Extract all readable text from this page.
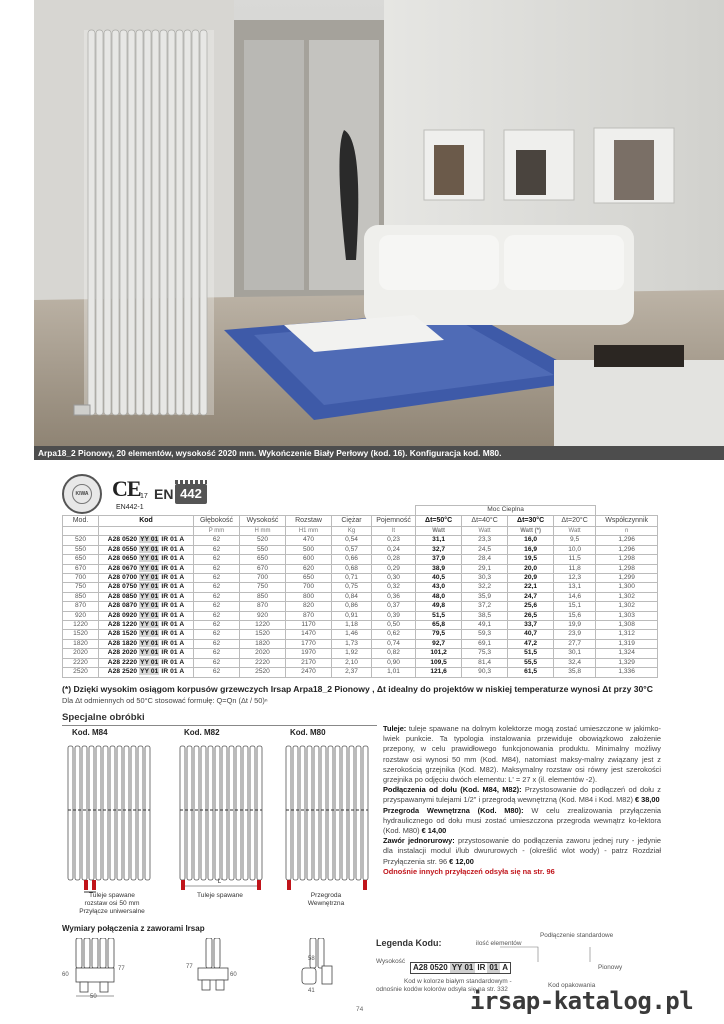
Arpa18_2 Pionowy, 20 elementów, wysokość 2020 mm. Wykończenie Biały Perłowy (kod. 16). Konfiguracja kod. M80.
KIWA CE 17
EN442-1
EN 442
							Moc Cieplna				
Mod.	Kod	Głębokość	Wysokość	Rozstaw	Ciężar	Pojemność	Δt=50°C	Δt=40°C	Δt=30°C	Δt=20°C	Współczynnik
		P mm	H mm	H1 mm	Kg	lt	Watt	Watt	Watt (*)	Watt	n
520	A28 0520 YY 01 IR 01 A	62	520	470	0,54	0,23	31,1	23,3	16,0	9,5	1,296
550	A28 0550 YY 01 IR 01 A	62	550	500	0,57	0,24	32,7	24,5	16,9	10,0	1,296
650	A28 0650 YY 01 IR 01 A	62	650	600	0,66	0,28	37,9	28,4	19,5	11,5	1,298
670	A28 0670 YY 01 IR 01 A	62	670	620	0,68	0,29	38,9	29,1	20,0	11,8	1,298
700	A28 0700 YY 01 IR 01 A	62	700	650	0,71	0,30	40,5	30,3	20,9	12,3	1,299
750	A28 0750 YY 01 IR 01 A	62	750	700	0,75	0,32	43,0	32,2	22,1	13,1	1,300
850	A28 0850 YY 01 IR 01 A	62	850	800	0,84	0,36	48,0	35,9	24,7	14,6	1,302
870	A28 0870 YY 01 IR 01 A	62	870	820	0,86	0,37	49,8	37,2	25,6	15,1	1,302
920	A28 0920 YY 01 IR 01 A	62	920	870	0,91	0,39	51,5	38,5	26,5	15,6	1,303
1220	A28 1220 YY 01 IR 01 A	62	1220	1170	1,18	0,50	65,8	49,1	33,7	19,9	1,308
1520	A28 1520 YY 01 IR 01 A	62	1520	1470	1,46	0,62	79,5	59,3	40,7	23,9	1,312
1820	A28 1820 YY 01 IR 01 A	62	1820	1770	1,73	0,74	92,7	69,1	47,2	27,7	1,319
2020	A28 2020 YY 01 IR 01 A	62	2020	1970	1,92	0,82	101,2	75,3	51,5	30,1	1,324
2220	A28 2220 YY 01 IR 01 A	62	2220	2170	2,10	0,90	109,5	81,4	55,5	32,4	1,329
2520	A28 2520 YY 01 IR 01 A	62	2520	2470	2,37	1,01	121,6	90,3	61,5	35,8	1,336
(*) Dzięki wysokim osiągom korpusów grzewczych Irsap Arpa18_2 Pionowy , Δt idealny do projektów w niskiej temperaturze wynosi Δt przy 30°C
Dla Δt odmiennych od 50°C stosować formułę: Q=Qn (Δt / 50)ⁿ
Specjalne obróbki
Kod. M84
Tuleje spawane
rozstaw osi 50 mm
Przyłącze uniwersalne
Kod. M82
L'
Tuleje spawane
Kod. M80
Przegroda
Wewnętrzna
Wymiary połączenia z zaworami Irsap
60
77
50
77
60
58
41

Tuleje: tuleje spawane na dolnym kolektorze mogą zostać umieszczone w jakimko-lwiek punkcie. Ta typologia instalowania przewiduje obowiązkowo założenie przepony, w celu prawidłowego funkcjonowania produktu. Minimalny możliwy rozstaw osi wynosi 50 mm (Kod. M84), natomiast maksy-malny związany jest z szerokością grzejnika (Kod. M82). Maksymalny rozstaw osi równy jest szerokości grzejnika po odjęciu dwóch elementu: L' = 27 x (il. elementów -2).

Podłączenia od dołu (Kod. M84, M82): Przystosowanie do podłączeń od dołu z przyspawanymi tulejami 1/2" i przegrodą wewnętrzną (Kod. M84 i Kod. M82) € 38,00

Przegroda Wewnętrzna (Kod. M80): W celu zrealizowania przyłączenia hydraulicznego od dołu musi zostać umieszczona przegroda wewnątrz ko-lektora (Kod. M80) € 14,00

Zawór jednorurowy: przystosowanie do podłączenia zaworu jednej rury - jedynie dla instalacji modul i/lub dwururowych - (określić wlot wody) - patrz Rozdział Przyłączenia str. 96 € 12,00

Odnośnie innych przyłączeń odsyła się na str. 96

Legenda Kodu:	ilość elementów
Podłączenie standardowe
Wysokość
A28 0520 YY 01 IR 01 A	Pionowy
Kod w kolorze białym standardowym -
odnośnie kodów kolorów odsyła się na str. 332
Kod opakowania
irsap-katalog.pl
74
